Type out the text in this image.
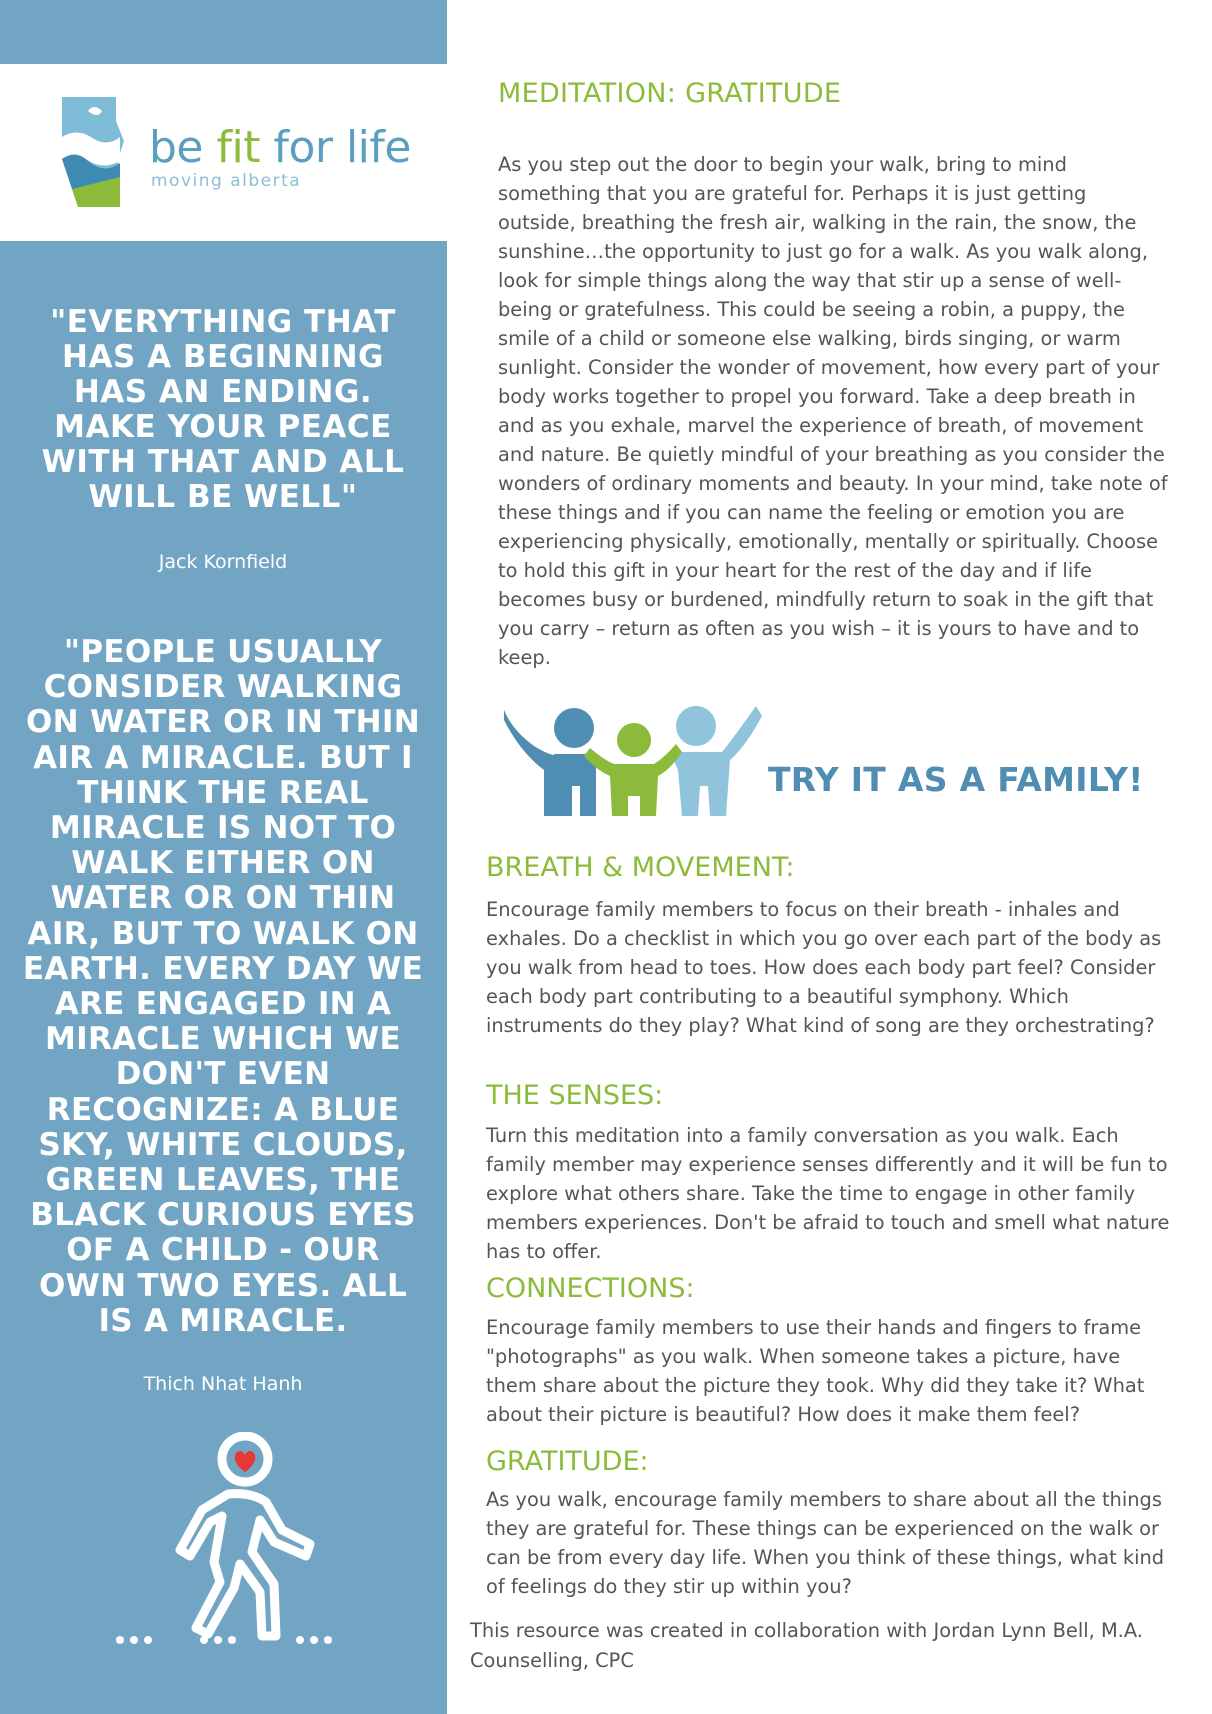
be fit for life
moving alberta
"EVERYTHING THAT HAS A BEGINNING HAS AN ENDING. MAKE YOUR PEACE WITH THAT AND ALL WILL BE WELL"
Jack Kornfield
"PEOPLE USUALLY CONSIDER WALKING ON WATER OR IN THIN AIR A MIRACLE. BUT I THINK THE REAL MIRACLE IS NOT TO WALK EITHER ON WATER OR ON THIN AIR, BUT TO WALK ON EARTH. EVERY DAY WE ARE ENGAGED IN A MIRACLE WHICH WE DON'T EVEN RECOGNIZE: A BLUE SKY, WHITE CLOUDS, GREEN LEAVES, THE BLACK CURIOUS EYES OF A CHILD - OUR OWN TWO EYES. ALL IS A MIRACLE.
Thich Nhat Hanh
MEDITATION: GRATITUDE
As you step out the door to begin your walk, bring to mind something that you are grateful for. Perhaps it is just getting outside, breathing the fresh air, walking in the rain, the snow, the sunshine…the opportunity to just go for a walk. As you walk along, look for simple things along the way that stir up a sense of well-being or gratefulness. This could be seeing a robin, a puppy, the smile of a child or someone else walking, birds singing, or warm sunlight. Consider the wonder of movement, how every part of your body works together to propel you forward. Take a deep breath in and as you exhale, marvel the experience of breath, of movement and nature. Be quietly mindful of your breathing as you consider the wonders of ordinary moments and beauty. In your mind, take note of these things and if you can name the feeling or emotion you are experiencing physically, emotionally, mentally or spiritually. Choose to hold this gift in your heart for the rest of the day and if life becomes busy or burdened, mindfully return to soak in the gift that you carry – return as often as you wish – it is yours to have and to keep.
TRY IT AS A FAMILY!
BREATH & MOVEMENT:
Encourage family members to focus on their breath - inhales and exhales. Do a checklist in which you go over each part of the body as you walk from head to toes. How does each body part feel? Consider each body part contributing to a beautiful symphony. Which instruments do they play? What kind of song are they orchestrating?
THE SENSES:
Turn this meditation into a family conversation as you walk. Each family member may experience senses differently and it will be fun to explore what others share. Take the time to engage in other family members experiences. Don't be afraid to touch and smell what nature has to offer.
CONNECTIONS:
Encourage family members to use their hands and fingers to frame "photographs" as you walk. When someone takes a picture, have them share about the picture they took. Why did they take it? What about their picture is beautiful? How does it make them feel?
GRATITUDE:
As you walk, encourage family members to share about all the things they are grateful for. These things can be experienced on the walk or can be from every day life. When you think of these things, what kind of feelings do they stir up within you?
This resource was created in collaboration with Jordan Lynn Bell, M.A. Counselling, CPC
